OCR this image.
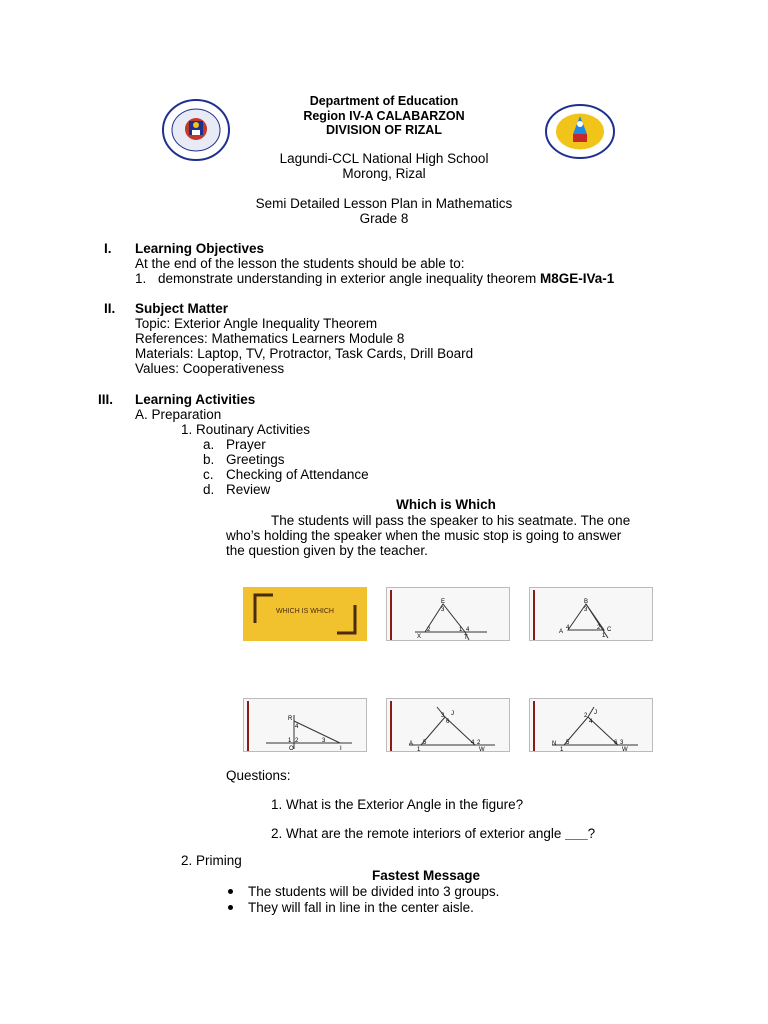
Department of Education
Region IV-A CALABARZON
DIVISION OF RIZAL
Lagundi-CCL National High School
Morong, Rizal
Semi Detailed Lesson Plan in Mathematics
Grade 8
I. Learning Objectives
At the end of the lesson the students should be able to:
1. demonstrate understanding in exterior angle inequality theorem M8GE-IVa-1
II. Subject Matter
Topic: Exterior Angle Inequality Theorem
References: Mathematics Learners Module 8
Materials: Laptop, TV, Protractor, Task Cards, Drill Board
Values: Cooperativeness
III. Learning Activities
A. Preparation
1. Routinary Activities
a. Prayer
b. Greetings
c. Checking of Attendance
d. Review
Which is Which
The students will pass the speaker to his seatmate. The one
who’s holding the speaker when the music stop is going to answer
the question given by the teacher.
WHICH IS WHICH
E
3
2	1 4
X	T
B
3
A
4	2 C
1
R
4
1 2	3
O	I
J
3
6
A 5	4 2
1	W
J
2
4
N 5	6 3
1	W
Questions:
1. What is the Exterior Angle in the figure?
2. What are the remote interiors of exterior angle ___?
2. Priming
Fastest Message
The students will be divided into 3 groups.
They will fall in line in the center aisle.
